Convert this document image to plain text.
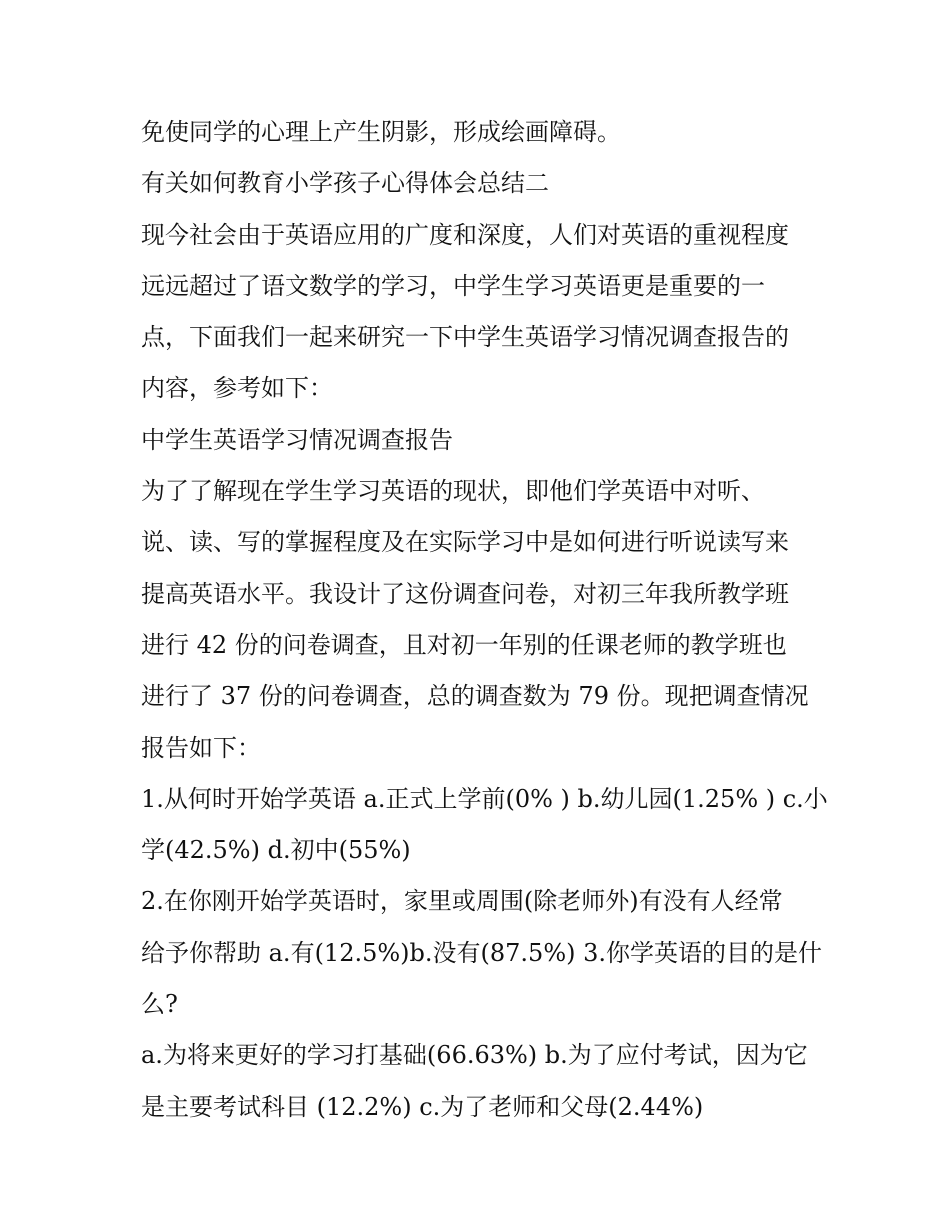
免使同学的心理上产生阴影，形成绘画障碍。

有关如何教育小学孩子心得体会总结二

现今社会由于英语应用的广度和深度，人们对英语的重视程度

远远超过了语文数学的学习，中学生学习英语更是重要的一

点，下面我们一起来研究一下中学生英语学习情况调查报告的

内容，参考如下：

中学生英语学习情况调查报告

为了了解现在学生学习英语的现状，即他们学英语中对听、

说、读、写的掌握程度及在实际学习中是如何进行听说读写来

提高英语水平。我设计了这份调查问卷，对初三年我所教学班

进行 42 份的问卷调查，且对初一年别的任课老师的教学班也

进行了 37 份的问卷调查，总的调查数为 79 份。现把调查情况

报告如下：

1.从何时开始学英语 a.正式上学前(0% ) b.幼儿园(1.25% ) c.小

学(42.5%) d.初中(55%)

2.在你刚开始学英语时，家里或周围(除老师外)有没有人经常

给予你帮助 a.有(12.5%)b.没有(87.5%) 3.你学英语的目的是什

么?

a.为将来更好的学习打基础(66.63%) b.为了应付考试，因为它

是主要考试科目 (12.2%) c.为了老师和父母(2.44%)
